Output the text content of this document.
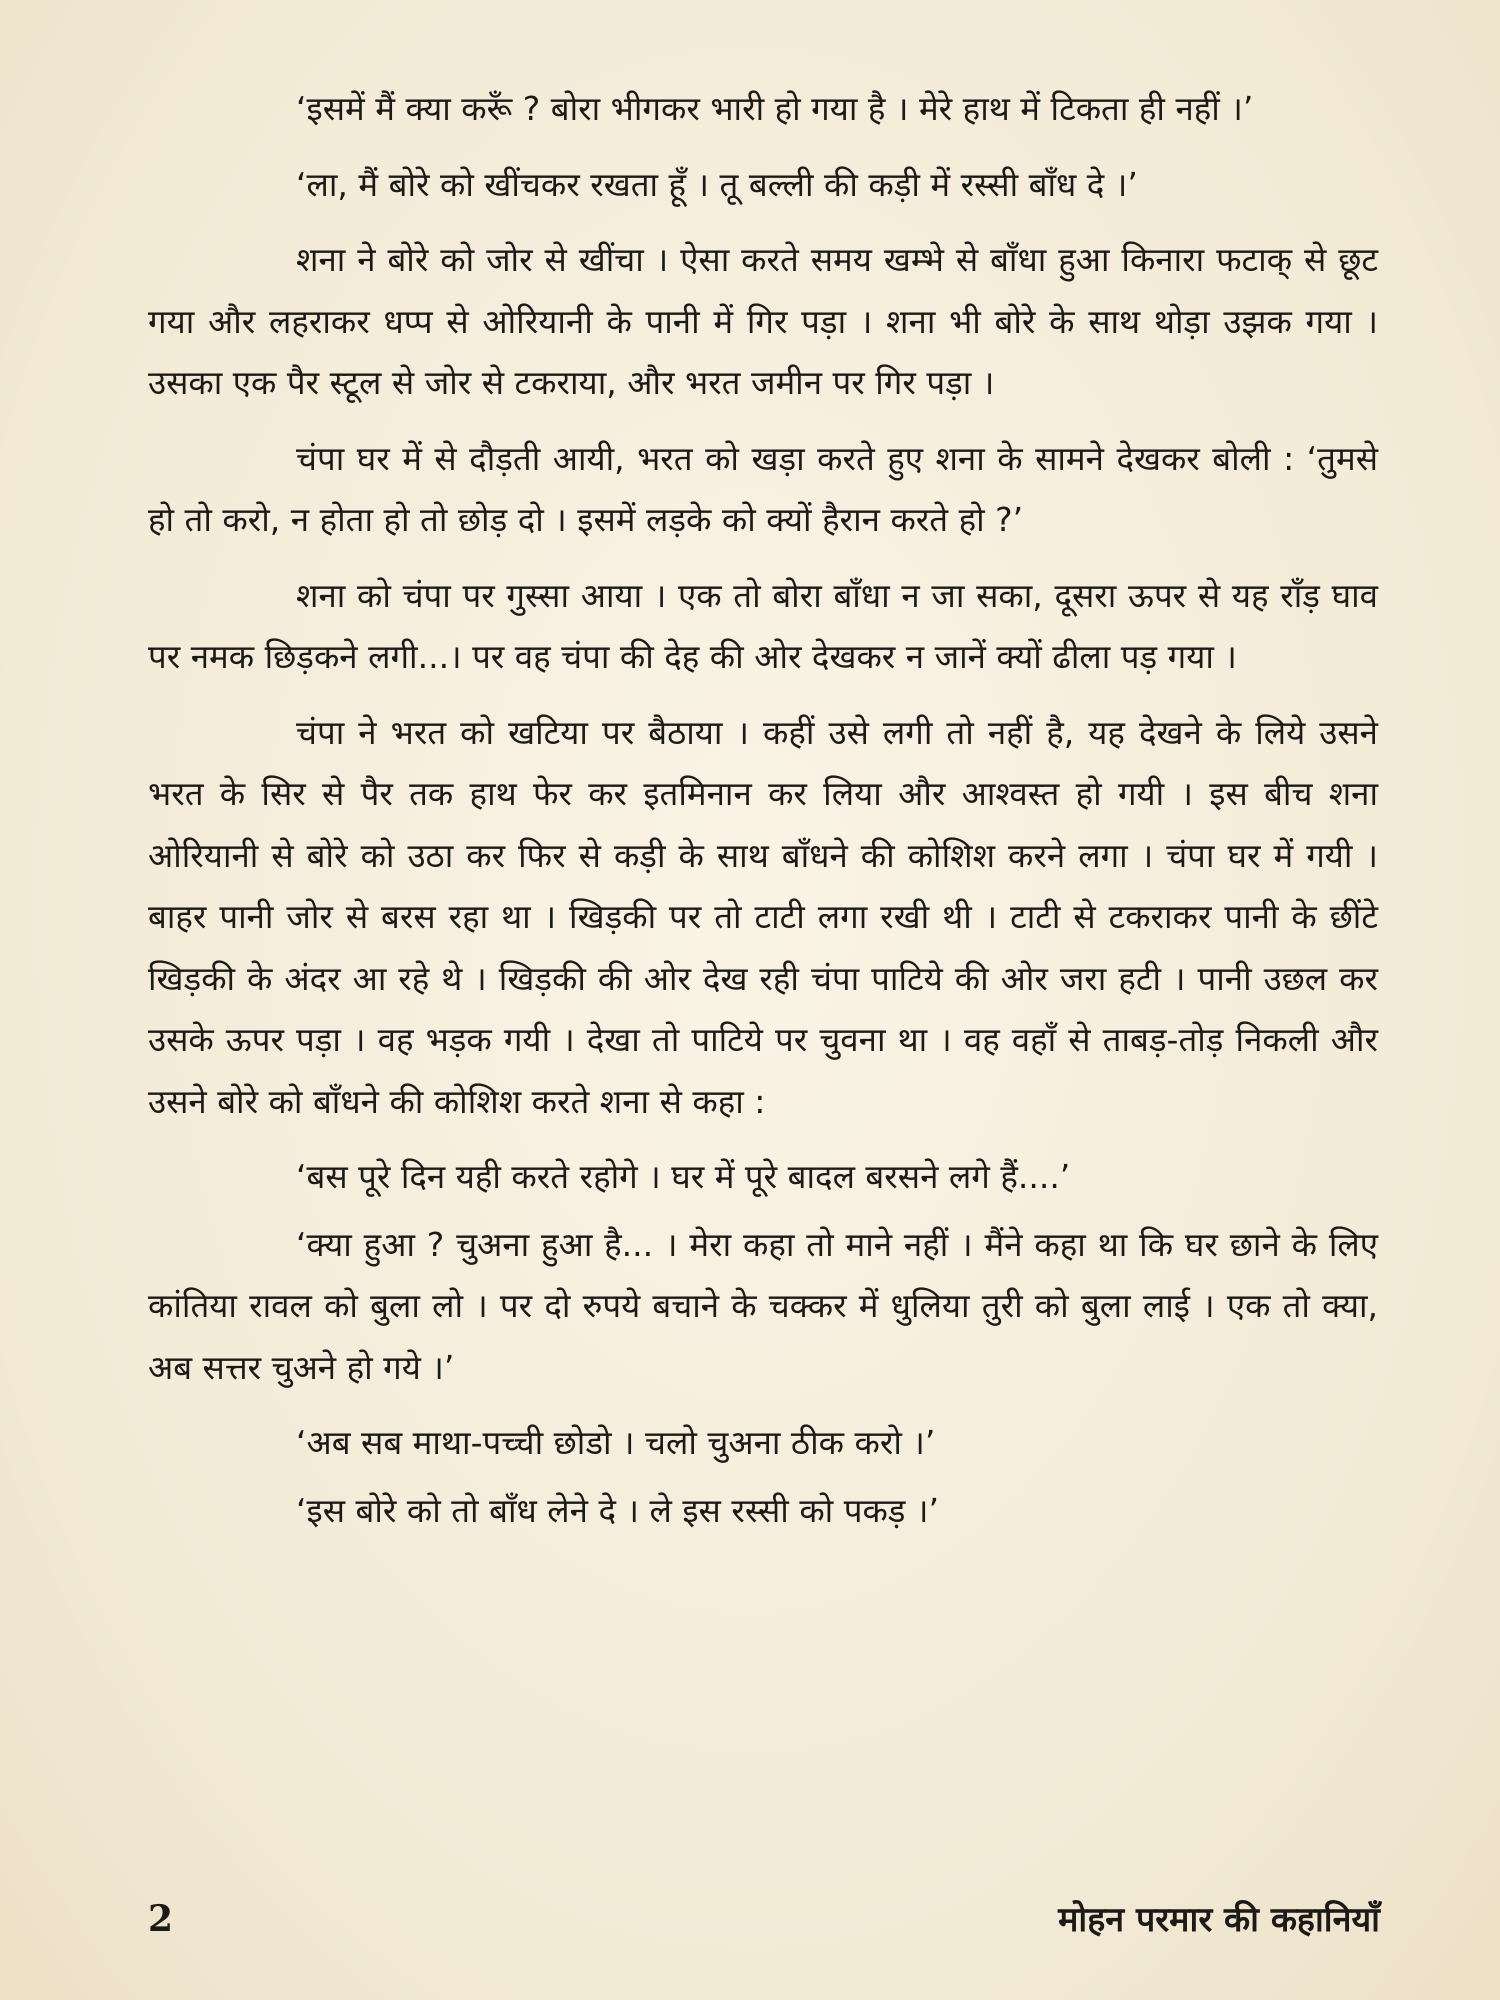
‘इसमें मैं क्या करूँ ? बोरा भीगकर भारी हो गया है । मेरे हाथ में टिकता ही नहीं ।’

‘ला, मैं बोरे को खींचकर रखता हूँ । तू बल्ली की कड़ी में रस्सी बाँध दे ।’

शना ने बोरे को जोर से खींचा । ऐसा करते समय खम्भे से बाँधा हुआ किनारा फटाक् से छूट गया और लहराकर धप्प से ओरियानी के पानी में गिर पड़ा । शना भी बोरे के साथ थोड़ा उझक गया । उसका एक पैर स्टूल से जोर से टकराया, और भरत जमीन पर गिर पड़ा ।

चंपा घर में से दौड़ती आयी, भरत को खड़ा करते हुए शना के सामने देखकर बोली : ‘तुमसे हो तो करो, न होता हो तो छोड़ दो । इसमें लड़के को क्यों हैरान करते हो ?’

शना को चंपा पर गुस्सा आया । एक तो बोरा बाँधा न जा सका, दूसरा ऊपर से यह राँड़ घाव पर नमक छिड़कने लगी...। पर वह चंपा की देह की ओर देखकर न जानें क्यों ढीला पड़ गया ।

चंपा ने भरत को खटिया पर बैठाया । कहीं उसे लगी तो नहीं है, यह देखने के लिये उसने भरत के सिर से पैर तक हाथ फेर कर इतमिनान कर लिया और आश्वस्त हो गयी । इस बीच शना ओरियानी से बोरे को उठा कर फिर से कड़ी के साथ बाँधने की कोशिश करने लगा । चंपा घर में गयी । बाहर पानी जोर से बरस रहा था । खिड़की पर तो टाटी लगा रखी थी । टाटी से टकराकर पानी के छींटे खिड़की के अंदर आ रहे थे । खिड़की की ओर देख रही चंपा पाटिये की ओर जरा हटी । पानी उछल कर उसके ऊपर पड़ा । वह भड़क गयी । देखा तो पाटिये पर चुवना था । वह वहाँ से ताबड़-तोड़ निकली और उसने बोरे को बाँधने की कोशिश करते शना से कहा :

‘बस पूरे दिन यही करते रहोगे । घर में पूरे बादल बरसने लगे हैं....’

‘क्या हुआ ? चुअना हुआ है... । मेरा कहा तो माने नहीं । मैंने कहा था कि घर छाने के लिए कांतिया रावल को बुला लो । पर दो रुपये बचाने के चक्कर में धुलिया तुरी को बुला लाई । एक तो क्या, अब सत्तर चुअने हो गये ।’

‘अब सब माथा-पच्ची छोडो । चलो चुअना ठीक करो ।’

‘इस बोरे को तो बाँध लेने दे । ले इस रस्सी को पकड़ ।’

2	मोहन परमार की कहानियाँ
